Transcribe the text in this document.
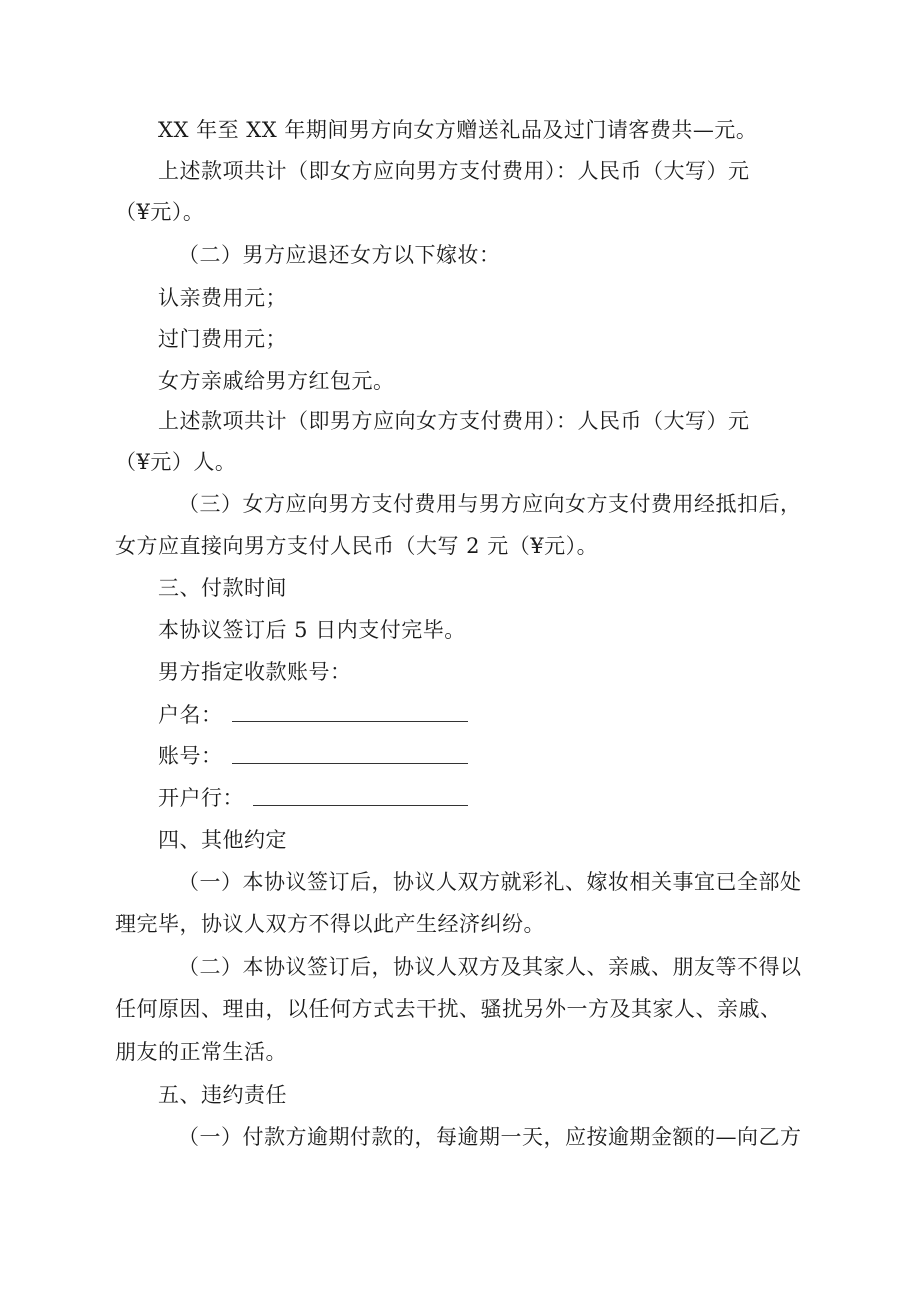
XX 年至 XX 年期间男方向女方赠送礼品及过门请客费共—元。
上述款项共计（即女方应向男方支付费用）：人民币（大写）元
（¥元）。
（二）男方应退还女方以下嫁妆：
认亲费用元；
过门费用元；
女方亲戚给男方红包元。
上述款项共计（即男方应向女方支付费用）：人民币（大写）元
（¥元）人。
（三）女方应向男方支付费用与男方应向女方支付费用经抵扣后，
女方应直接向男方支付人民币（大写 2 元（¥元）。
三、付款时间
本协议签订后 5 日内支付完毕。
男方指定收款账号：
户名：
账号：
开户行：
四、其他约定
（一）本协议签订后，协议人双方就彩礼、嫁妆相关事宜已全部处
理完毕，协议人双方不得以此产生经济纠纷。
（二）本协议签订后，协议人双方及其家人、亲戚、朋友等不得以
任何原因、理由，以任何方式去干扰、骚扰另外一方及其家人、亲戚、
朋友的正常生活。
五、违约责任
（一）付款方逾期付款的，每逾期一天，应按逾期金额的—向乙方
